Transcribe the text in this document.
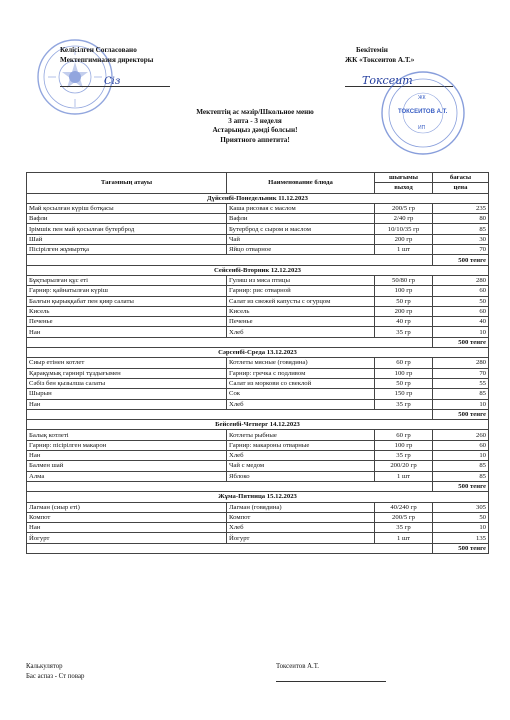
Келісілген Согласовано
Мектепгимназия директоры
Сіз
Бекітемін
ЖК «Токсеитов А.Т.»
Токсеит
ЖК
ТОКСЕИТОВ А.Т.
ИП
Мектептің ас мәзір/Школьное меню
3 апта - 3 неделя
Астарыңыз дәмді болсын!
Приятного аппетита!
Тағамның атауы	Наименование блюда	шығымы	бағасы
		выход	цена
Дүйсенбі-Понедельник 11.12.2023			
Май қосылған күріш ботқасы	Каша рисовая с маслом	200/5 гр	235
Вафли	Вафли	2/40 гр	80
Ірімшік пен май қосылған бутерброд	Бутерброд с сыром и маслом	10/10/35 гр	85
Шай	Чай	200 гр	30
Пісірілген жұмыртқа	Яйцо отварное	1 шт	70
			500 тенге
Сейсенбі-Вторник 12.12.2023			
Бұқтырылған құс еті	Гуляш из мяса птицы	50/80 гр	280
Гарнир: қайнатылған күріш	Гарнир: рис отварной	100 гр	60
Балғын қырыққабат пен қияр салаты	Салат из свежей капусты с огурцом	50 гр	50
Кисель	Кисель	200 гр	60
Печенье	Печенье	40 гр	40
Нан	Хлеб	35 гр	10
			500 тенге
Сәрсенбі-Среда 13.12.2023			
Сиыр етінен котлет	Котлеты мясные (говядина)	60 гр	280
Қарақұмық гарнирі тұздығымен	Гарнир: гречка с подливом	100 гр	70
Сәбіз бен қызылша салаты	Салат из моркови со свеклой	50 гр	55
Шырын	Сок	150 гр	85
Нан	Хлеб	35 гр	10
			500 тенге
Бейсенбі-Четверг 14.12.2023			
Балық котлеті	Котлеты рыбные	60 гр	260
Гарнир: пісірілген макарон	Гарнир: макароны отварные	100 гр	60
Нан	Хлеб	35 гр	10
Балмен шай	Чай с медом	200/20 гр	85
Алма	Яблоко	1 шт	85
			500 тенге
Жұма-Пятница 15.12.2023			
Лагман (сиыр еті)	Лагман (говядина)	40/240 гр	305
Компот	Компот	200/5 гр	50
Нан	Хлеб	35 гр	10
Йогурт	Йогурт	1 шт	135
			500 тенге
Калькулятор
Бас аспаз - Ст повар
Токсеитов А.Т.
